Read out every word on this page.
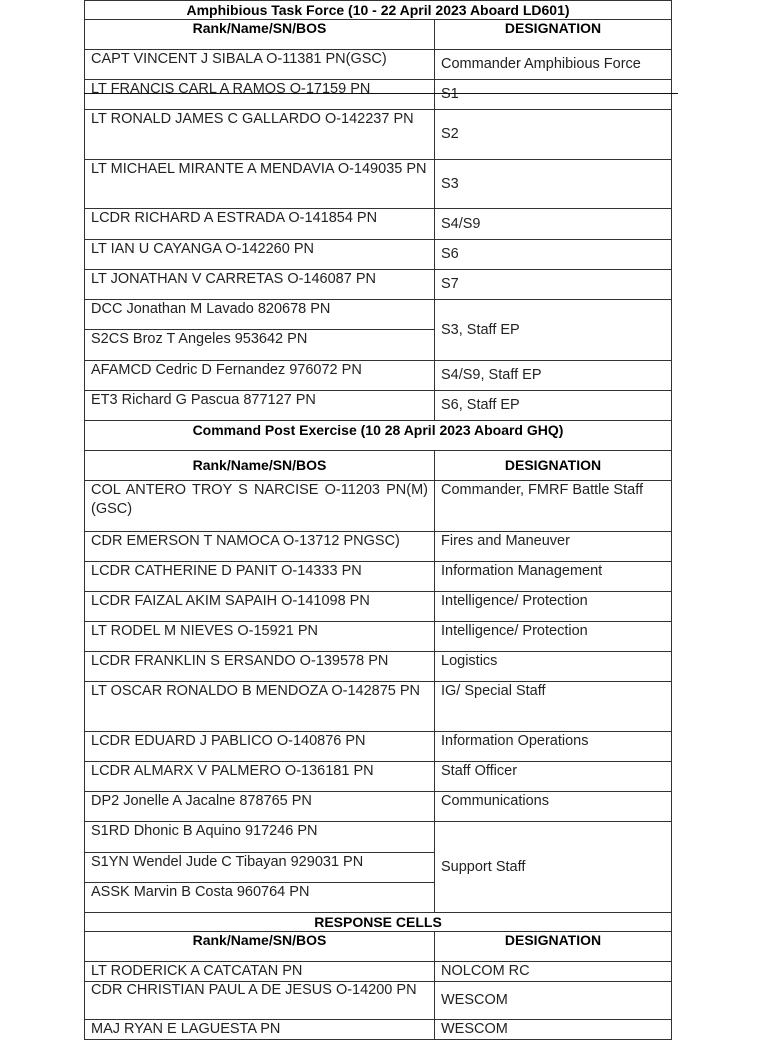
Amphibious Task Force (10 - 22 April 2023 Aboard LD601)	
Rank/Name/SN/BOS	DESIGNATION
CAPT VINCENT J SIBALA O-11381 PN(GSC)	Commander Amphibious Force
LT FRANCIS CARL A RAMOS O-17159 PN	S1
LT RONALD JAMES C GALLARDO O-142237 PN	S2
LT MICHAEL MIRANTE A MENDAVIA O-149035 PN	S3
LCDR RICHARD A ESTRADA O-141854 PN	S4/S9
LT IAN U CAYANGA O-142260 PN	S6
LT JONATHAN V CARRETAS O-146087 PN	S7
DCC Jonathan M Lavado 820678 PN	S3, Staff EP
S2CS Broz T Angeles 953642 PN	
AFAMCD Cedric D Fernandez 976072 PN	S4/S9, Staff EP
ET3 Richard G Pascua 877127 PN	S6, Staff EP
Command Post Exercise (10 28 April 2023 Aboard GHQ)	
Rank/Name/SN/BOS	DESIGNATION
COL ANTERO TROY S NARCISE O-11203 PN(M)(GSC)	Commander, FMRF Battle Staff
CDR EMERSON T NAMOCA O-13712 PNGSC)	Fires and Maneuver
LCDR CATHERINE D PANIT O-14333 PN	Information Management
LCDR FAIZAL AKIM SAPAIH O-141098 PN	Intelligence/ Protection
LT RODEL M NIEVES O-15921 PN	Intelligence/ Protection
LCDR FRANKLIN S ERSANDO O-139578 PN	Logistics
LT OSCAR RONALDO B MENDOZA O-142875 PN	IG/ Special Staff
LCDR EDUARD J PABLICO O-140876 PN	Information Operations
LCDR ALMARX V PALMERO O-136181 PN	Staff Officer
DP2 Jonelle A Jacalne 878765 PN	Communications
S1RD Dhonic B Aquino 917246 PN	Support Staff
S1YN Wendel Jude C Tibayan 929031 PN	
ASSK Marvin B Costa 960764 PN	
RESPONSE CELLS	
Rank/Name/SN/BOS	DESIGNATION
LT RODERICK A CATCATAN PN	NOLCOM RC
CDR CHRISTIAN PAUL A DE JESUS O-14200 PN	WESCOM
MAJ RYAN E LAGUESTA PN	WESCOM
